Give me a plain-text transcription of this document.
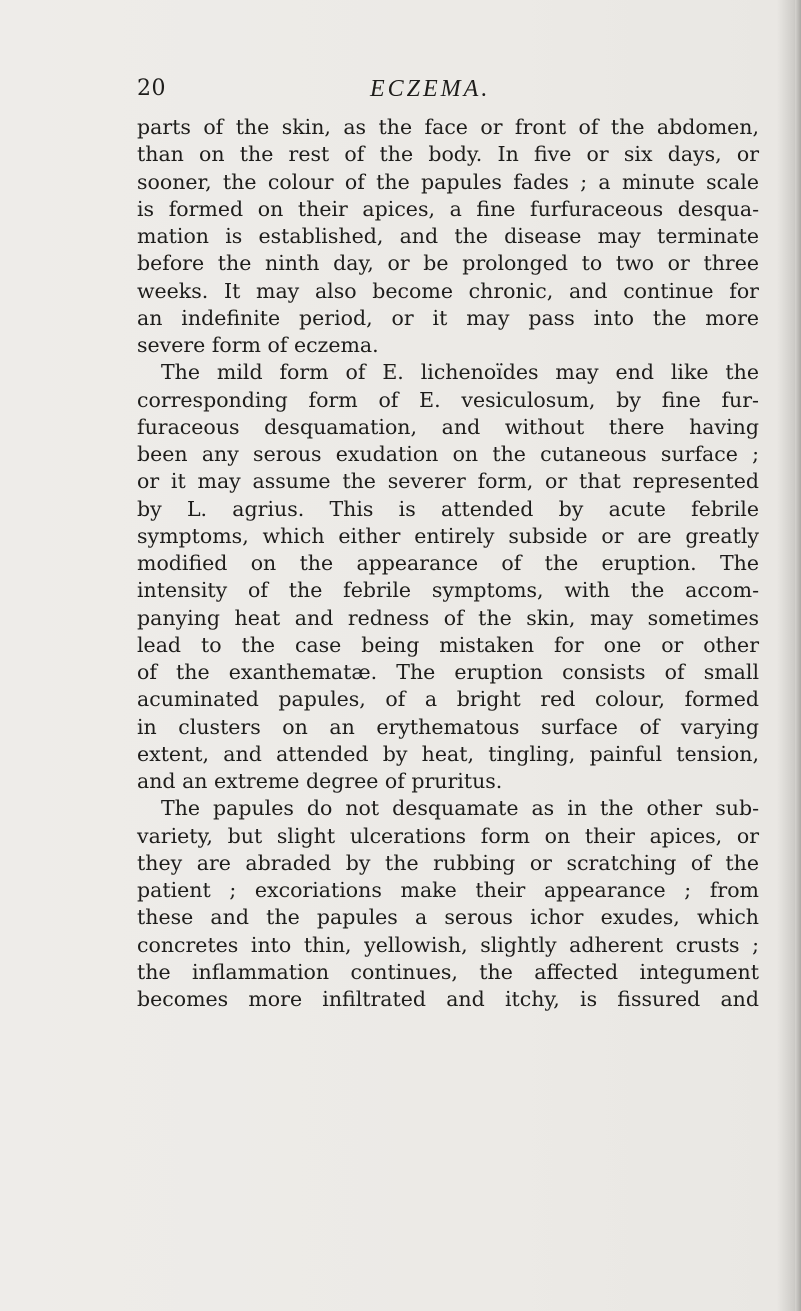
20	ECZEMA.
parts of the skin, as the face or front of the abdomen,
than on the rest of the body. In five or six days, or
sooner, the colour of the papules fades ; a minute scale
is formed on their apices, a fine furfuraceous desqua-
mation is established, and the disease may terminate
before the ninth day, or be prolonged to two or three
weeks. It may also become chronic, and continue for
an indefinite period, or it may pass into the more
severe form of eczema.
The mild form of E. lichenoïdes may end like the
corresponding form of E. vesiculosum, by fine fur-
furaceous desquamation, and without there having
been any serous exudation on the cutaneous surface ;
or it may assume the severer form, or that represented
by L. agrius. This is attended by acute febrile
symptoms, which either entirely subside or are greatly
modified on the appearance of the eruption. The
intensity of the febrile symptoms, with the accom-
panying heat and redness of the skin, may sometimes
lead to the case being mistaken for one or other
of the exanthematæ. The eruption consists of small
acuminated papules, of a bright red colour, formed
in clusters on an erythematous surface of varying
extent, and attended by heat, tingling, painful tension,
and an extreme degree of pruritus.
The papules do not desquamate as in the other sub-
variety, but slight ulcerations form on their apices, or
they are abraded by the rubbing or scratching of the
patient ; excoriations make their appearance ; from
these and the papules a serous ichor exudes, which
concretes into thin, yellowish, slightly adherent crusts ;
the inflammation continues, the affected integument
becomes more infiltrated and itchy, is fissured and
